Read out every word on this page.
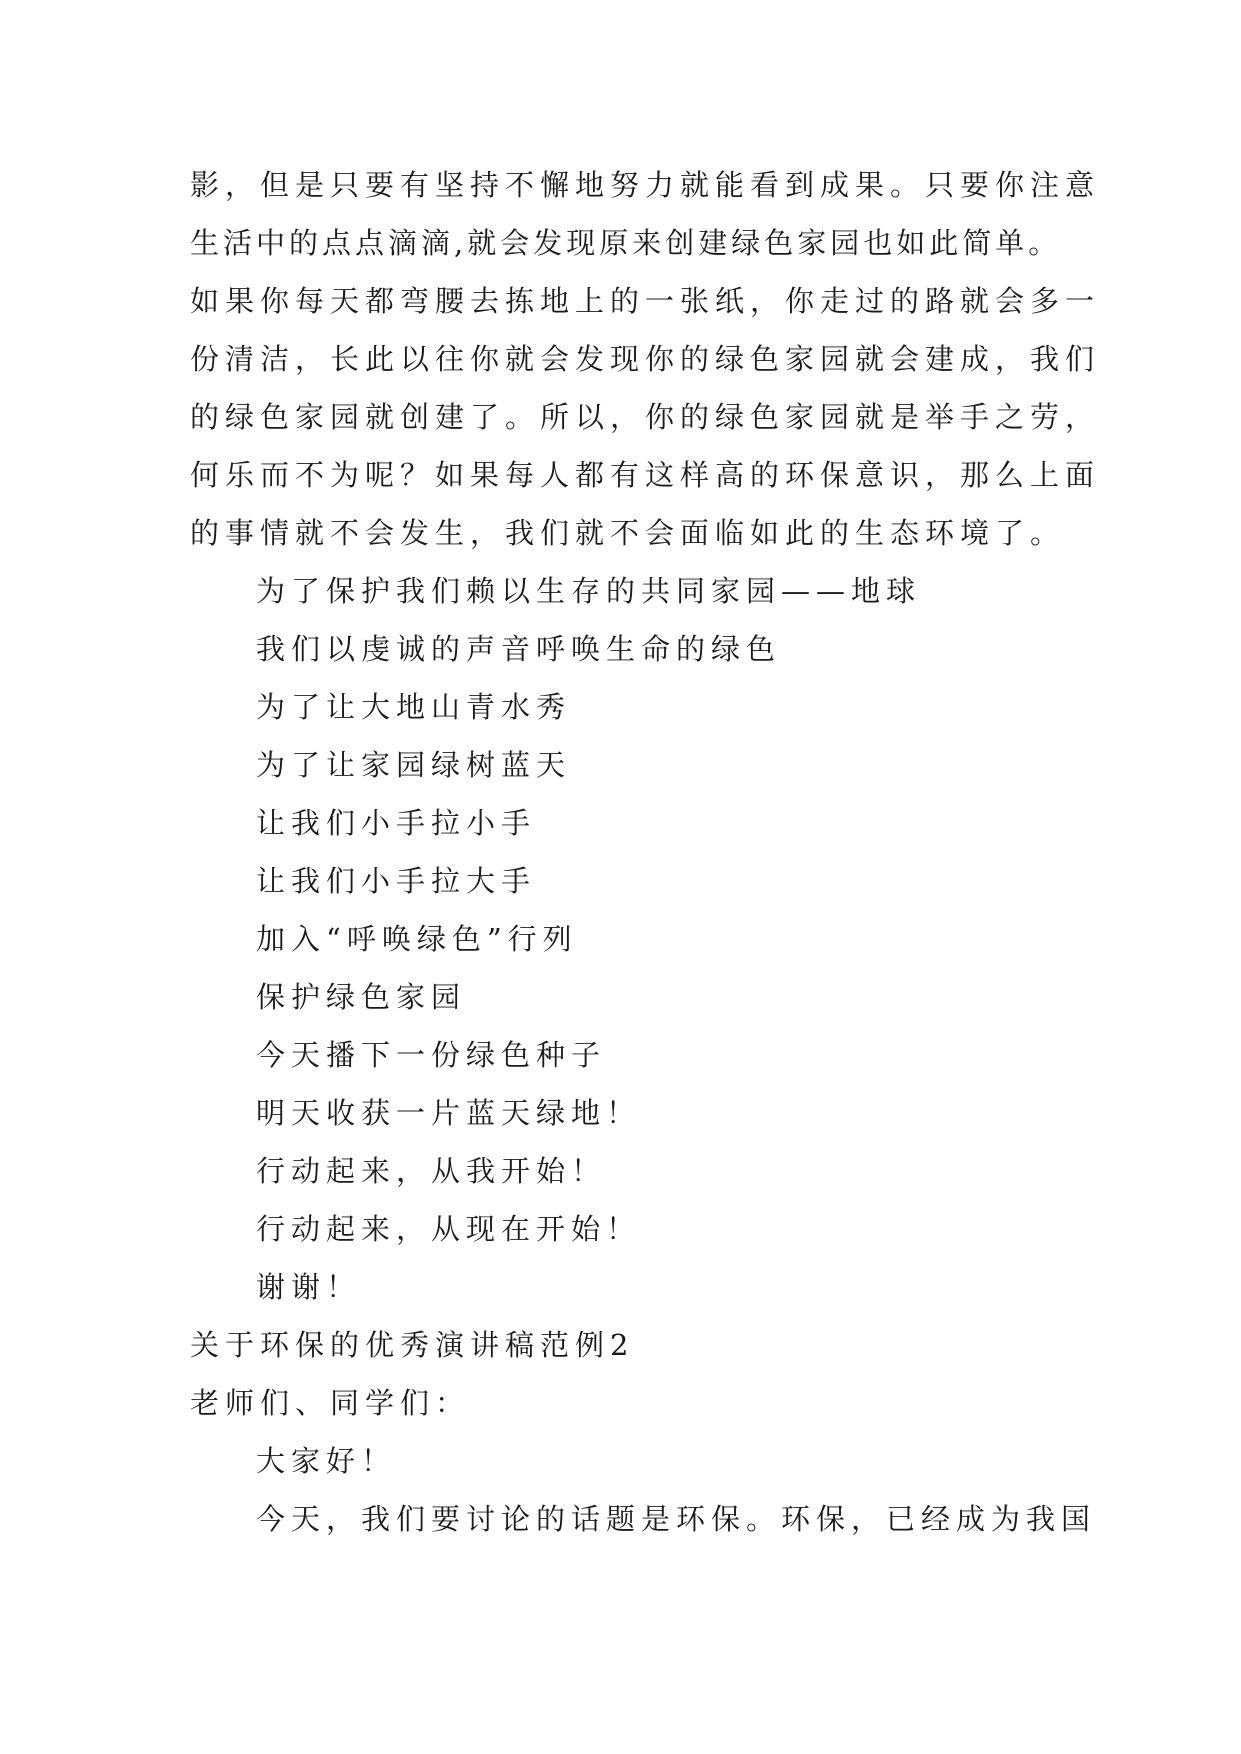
影，但是只要有坚持不懈地努力就能看到成果。只要你注意
生活中的点点滴滴,就会发现原来创建绿色家园也如此简单。
如果你每天都弯腰去拣地上的一张纸，你走过的路就会多一
份清洁，长此以往你就会发现你的绿色家园就会建成，我们
的绿色家园就创建了。所以，你的绿色家园就是举手之劳，
何乐而不为呢？如果每人都有这样高的环保意识，那么上面
的事情就不会发生，我们就不会面临如此的生态环境了。
为了保护我们赖以生存的共同家园——地球
我们以虔诚的声音呼唤生命的绿色
为了让大地山青水秀
为了让家园绿树蓝天
让我们小手拉小手
让我们小手拉大手
加入“呼唤绿色”行列
保护绿色家园
今天播下一份绿色种子
明天收获一片蓝天绿地！
行动起来，从我开始！
行动起来，从现在开始！
谢谢！
关于环保的优秀演讲稿范例2
老师们、同学们：
大家好！
今天，我们要讨论的话题是环保。环保，已经成为我国
